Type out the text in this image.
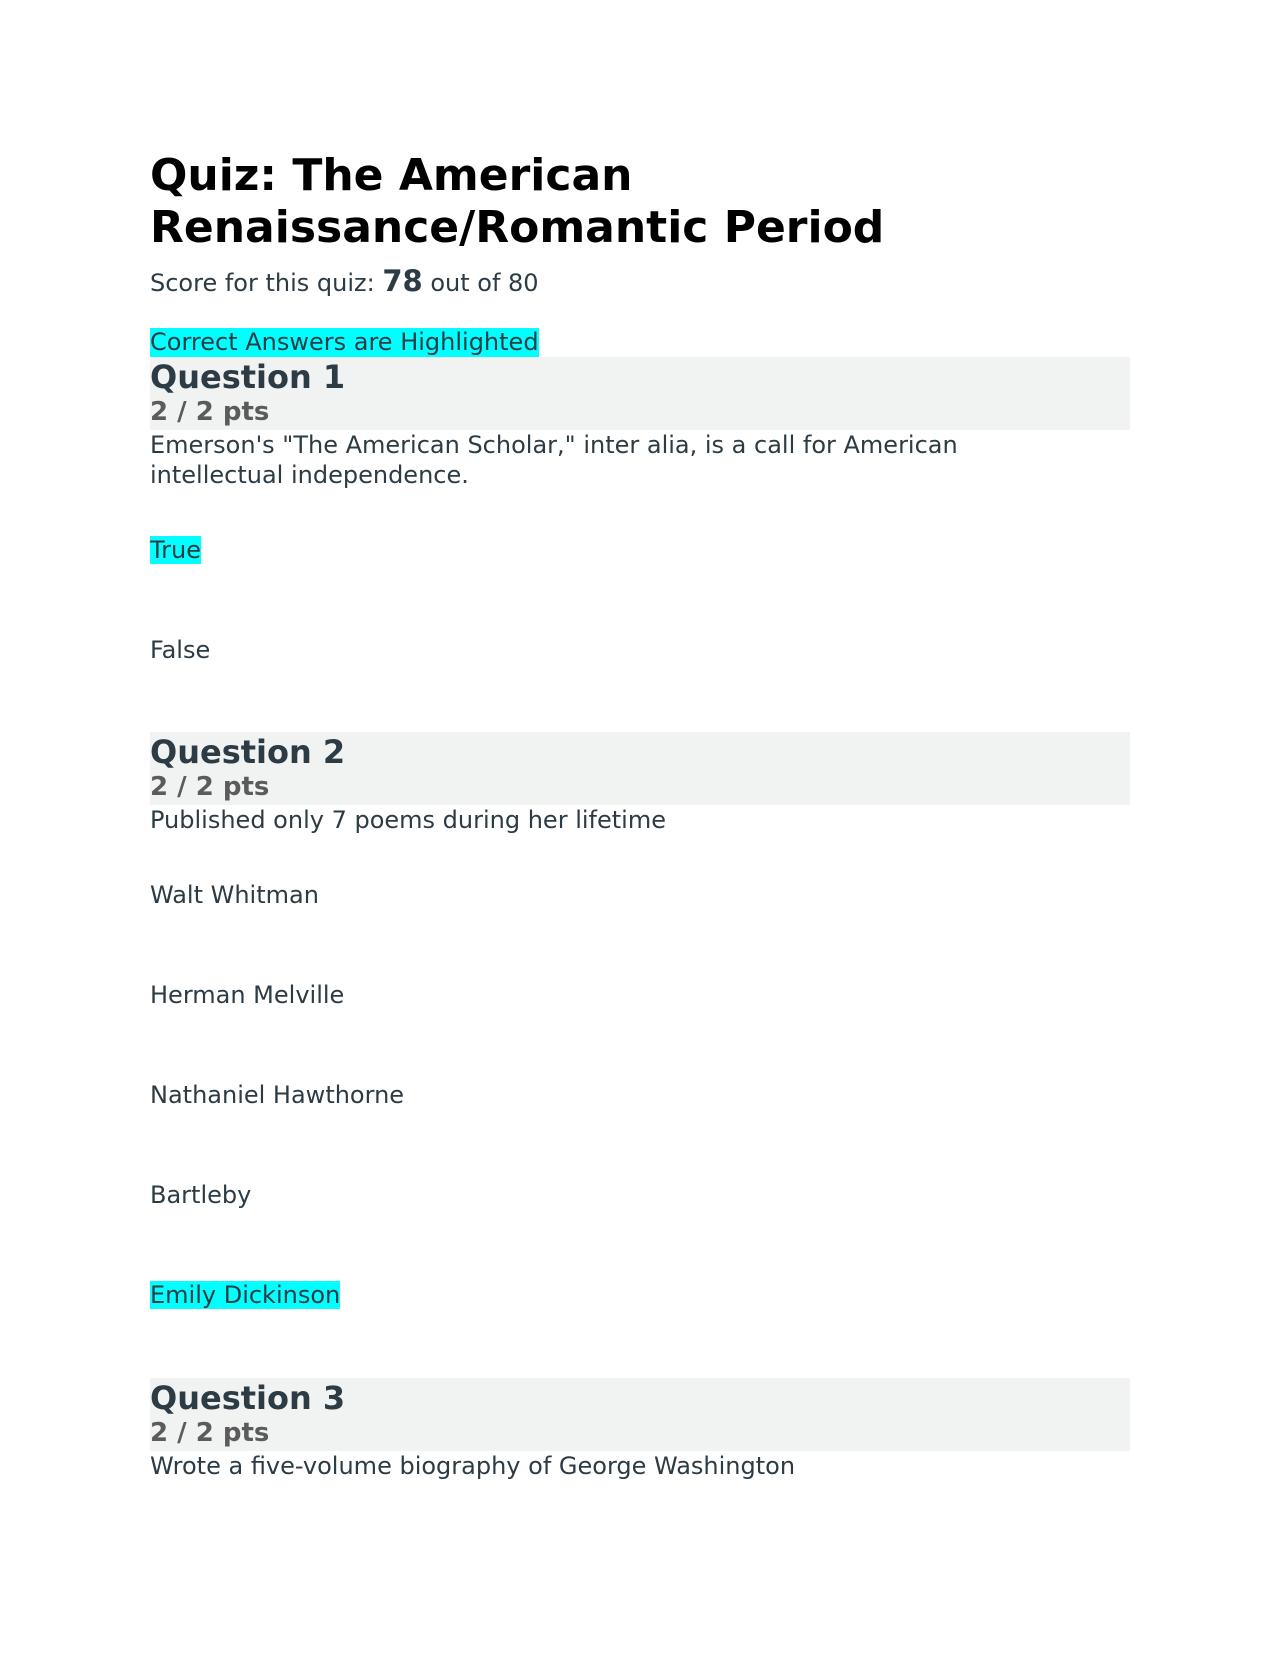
Quiz: The American Renaissance/Romantic Period
Score for this quiz: 78 out of 80
Correct Answers are Highlighted
Question 1
2 / 2 pts
Emerson's "The American Scholar," inter alia, is a call for American intellectual independence.
True
False
Question 2
2 / 2 pts
Published only 7 poems during her lifetime
Walt Whitman
Herman Melville
Nathaniel Hawthorne
Bartleby
Emily Dickinson
Question 3
2 / 2 pts
Wrote a five-volume biography of George Washington
